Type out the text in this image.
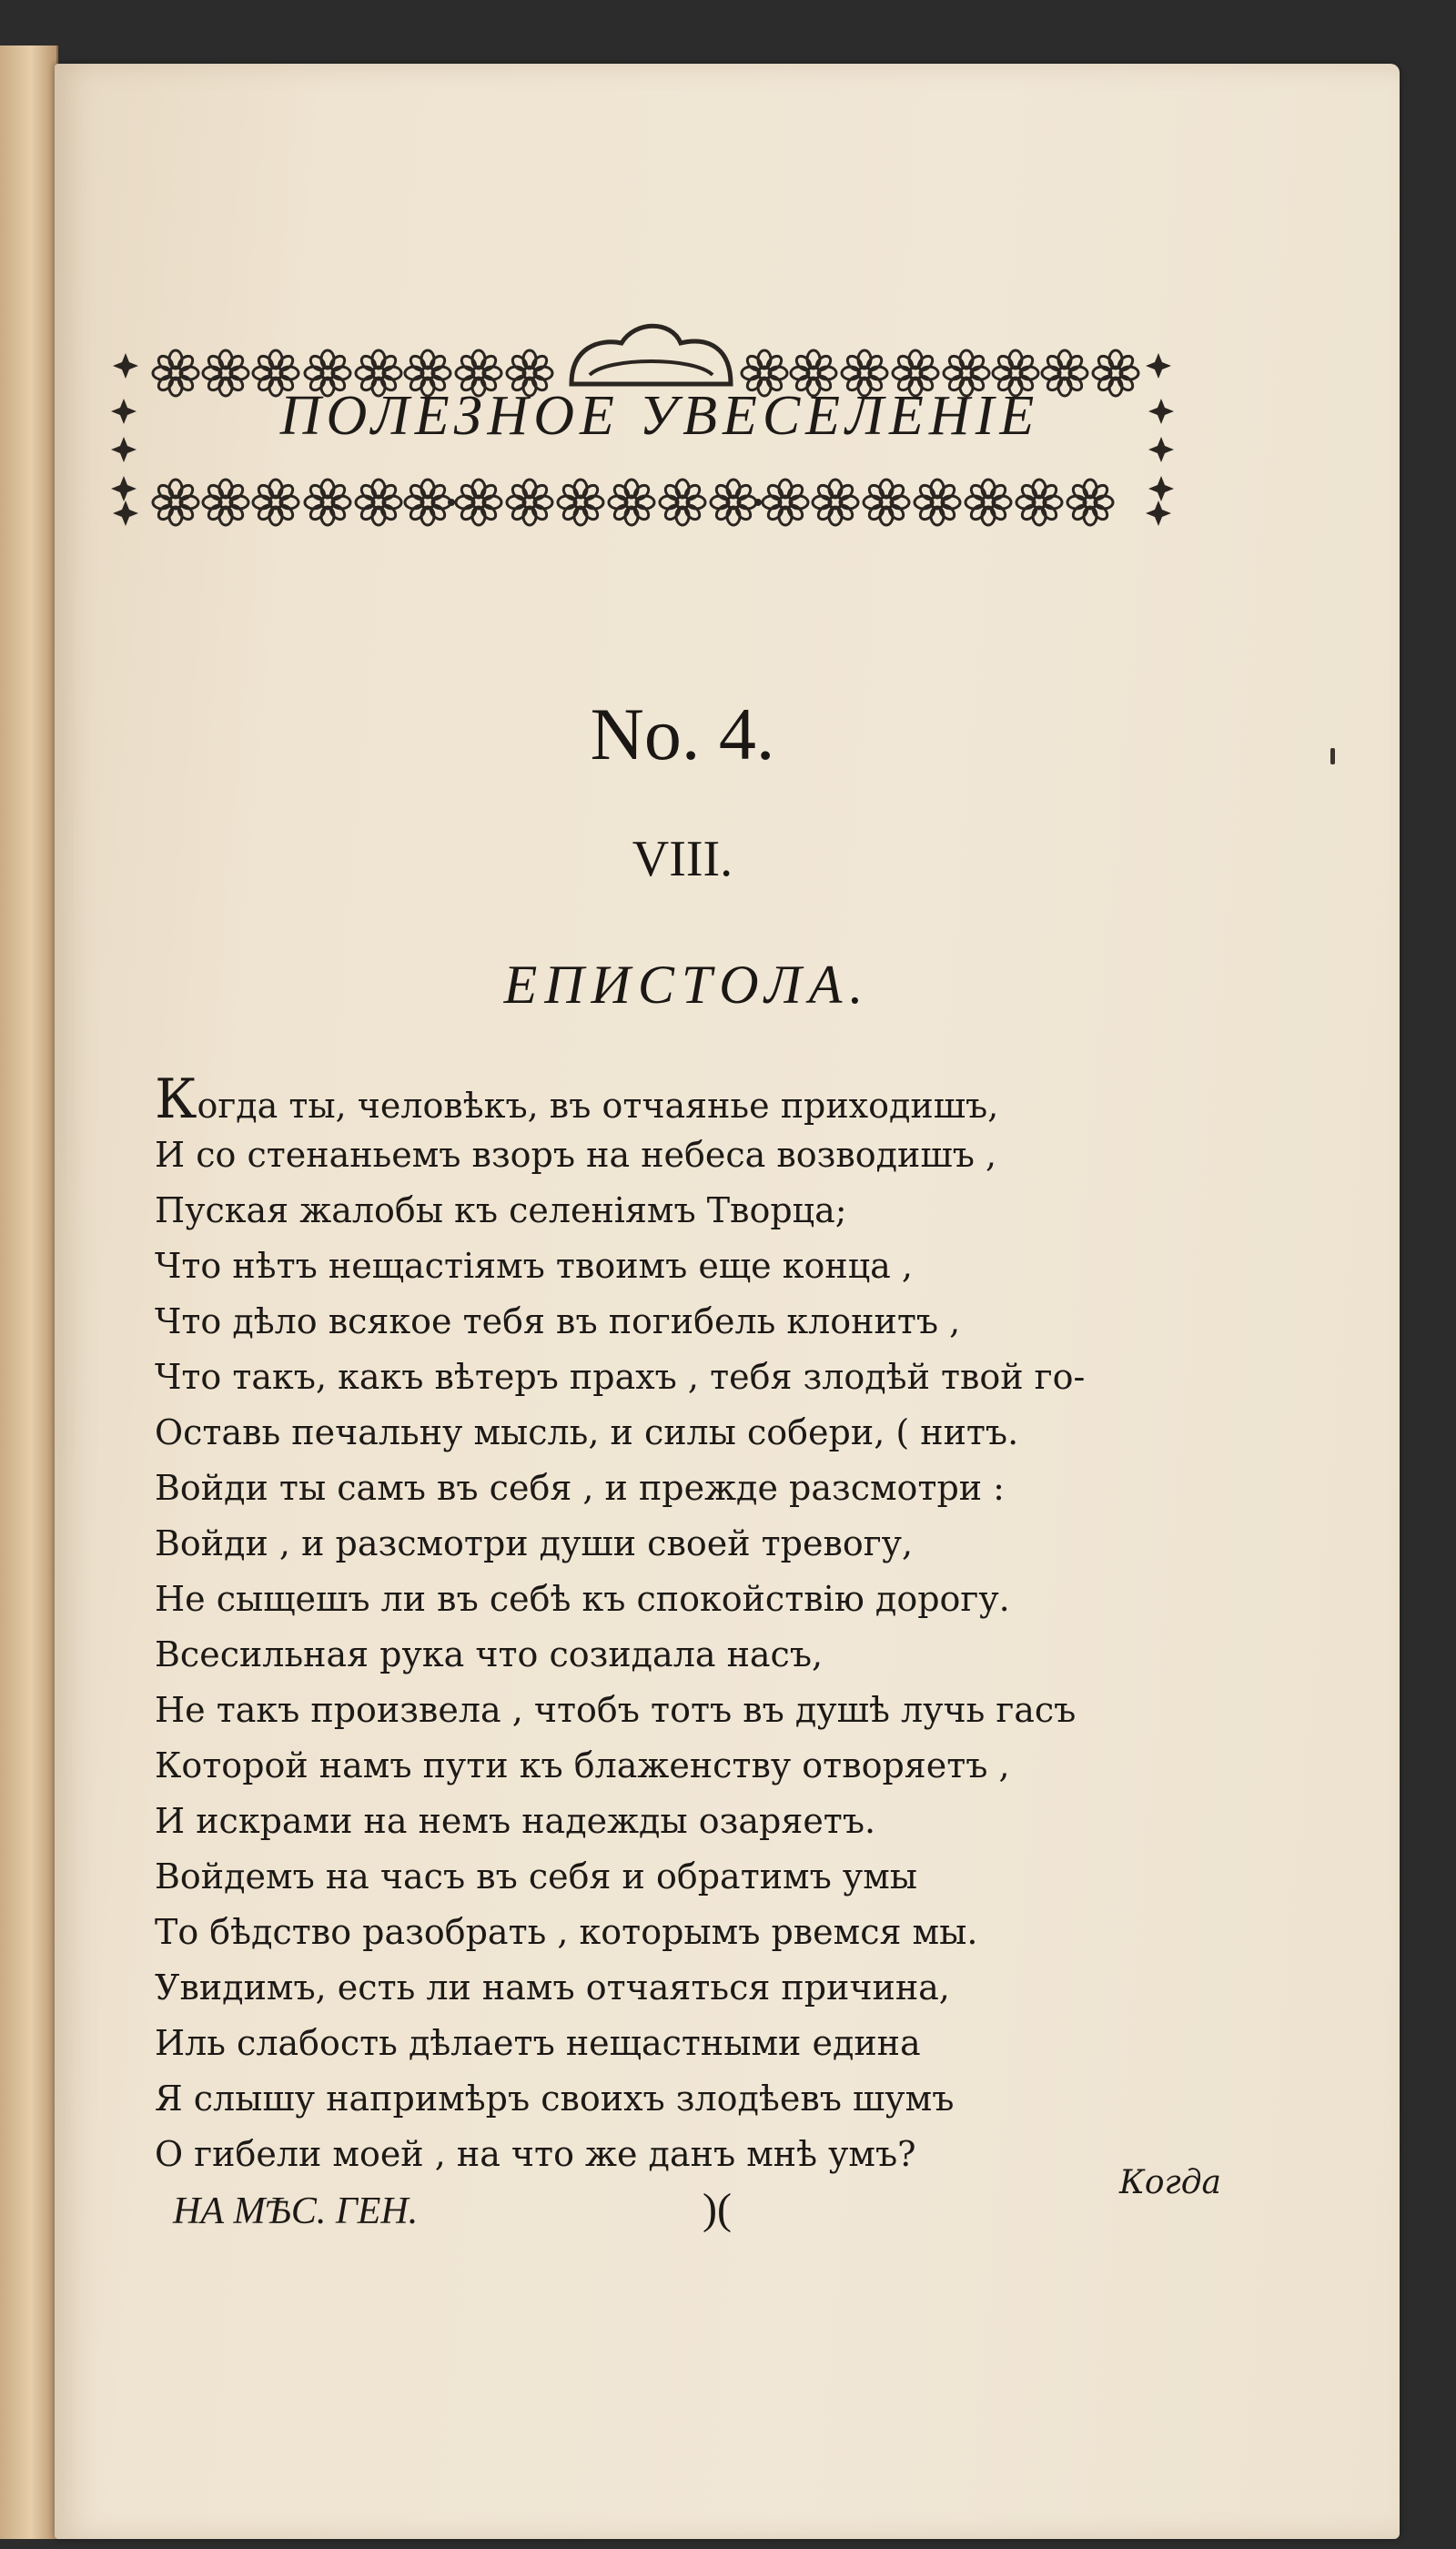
ПОЛЕЗНОЕ УВЕСЕЛЕНІЕ
No. 4.
VIII.
ЕПИСТОЛА.
Когда ты, человѣкъ, въ отчаянье приходишъ,
И со стенаньемъ взоръ на небеса возводишъ ,
Пуская жалобы къ селеніямъ Творца;
Что нѣтъ нещастіямъ твоимъ еще конца ,
Что дѣло всякое тебя въ погибель клонитъ ,
Что такъ, какъ вѣтеръ прахъ , тебя злодѣй твой го-
Оставь печальну мысль, и силы собери, ( нитъ.
Войди ты самъ въ себя , и прежде разсмотри :
Войди , и разсмотри души своей тревогу,
Не сыщешъ ли въ себѣ къ спокойствію дорогу.
Всесильная рука что созидала насъ,
Не такъ произвела , чтобъ тотъ въ душѣ лучь гасъ
Которой намъ пути къ блаженству отворяетъ ,
И искрами на немъ надежды озаряетъ.
Войдемъ на часъ въ себя и обратимъ умы
То бѣдство разобрать , которымъ рвемся мы.
Увидимъ, есть ли намъ отчаяться причина,
Иль слабость дѣлаетъ нещастными едина
Я слышу напримѣръ своихъ злодѣевъ шумъ
О гибели моей , на что же данъ мнѣ умъ?
НА МѢС. ГЕН.	)(
Когда
